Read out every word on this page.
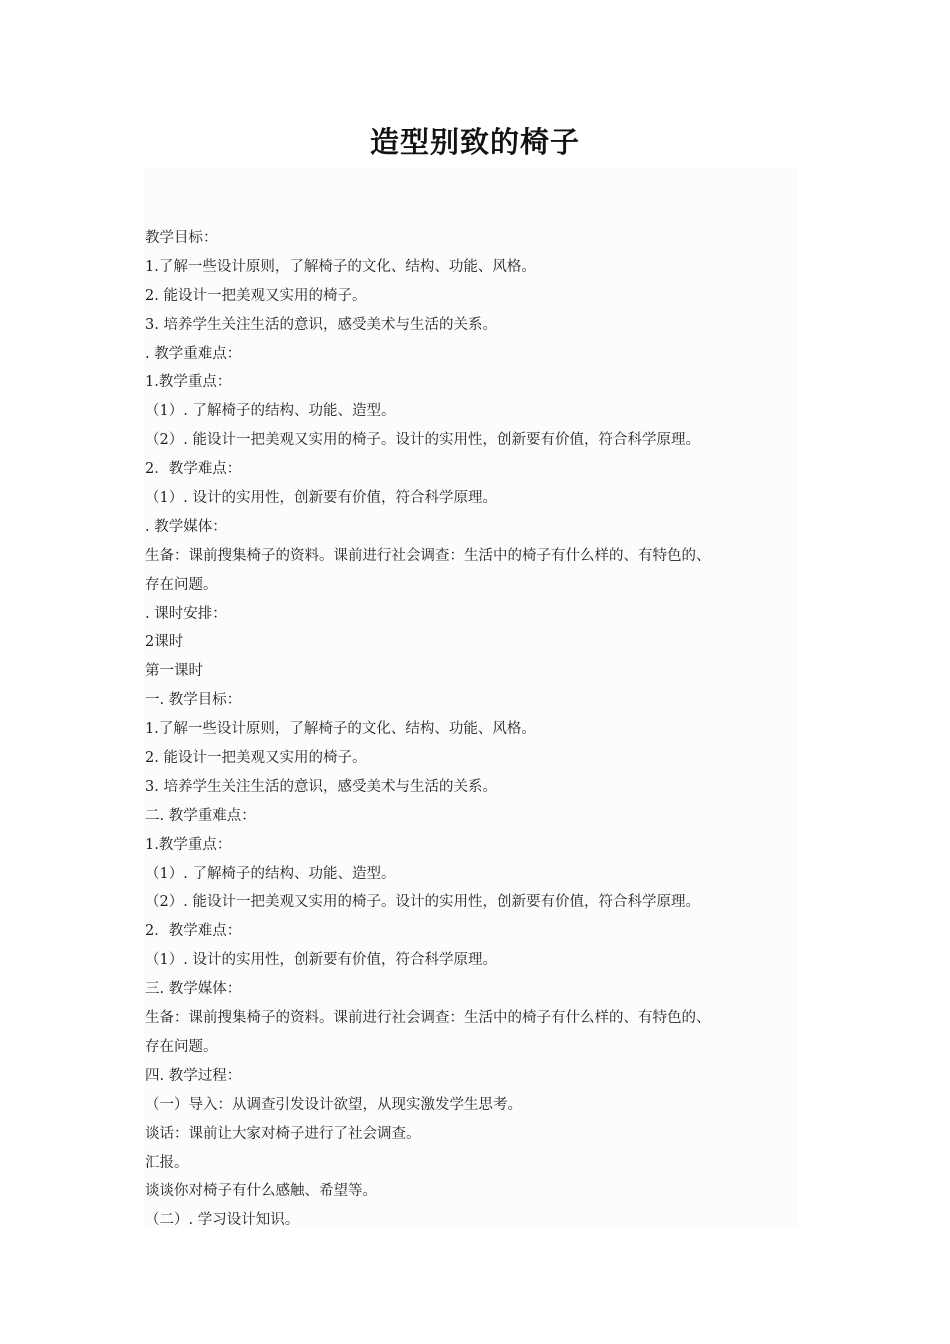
造型别致的椅子
教学目标：
1.了解一些设计原则，了解椅子的文化、结构、功能、风格。
2. 能设计一把美观又实用的椅子。
3. 培养学生关注生活的意识，感受美术与生活的关系。
. 教学重难点：
1.教学重点：
（1）. 了解椅子的结构、功能、造型。
（2）. 能设计一把美观又实用的椅子。设计的实用性，创新要有价值，符合科学原理。
2．教学难点：
（1）. 设计的实用性，创新要有价值，符合科学原理。
. 教学媒体：
生备：课前搜集椅子的资料。课前进行社会调查：生活中的椅子有什么样的、有特色的、
存在问题。
. 课时安排：
2课时
第一课时
一. 教学目标：
1.了解一些设计原则，了解椅子的文化、结构、功能、风格。
2. 能设计一把美观又实用的椅子。
3. 培养学生关注生活的意识，感受美术与生活的关系。
二. 教学重难点：
1.教学重点：
（1）. 了解椅子的结构、功能、造型。
（2）. 能设计一把美观又实用的椅子。设计的实用性，创新要有价值，符合科学原理。
2．教学难点：
（1）. 设计的实用性，创新要有价值，符合科学原理。
三. 教学媒体：
生备：课前搜集椅子的资料。课前进行社会调查：生活中的椅子有什么样的、有特色的、
存在问题。
四. 教学过程：
（一）导入：从调查引发设计欲望，从现实激发学生思考。
谈话：课前让大家对椅子进行了社会调查。
汇报。
谈谈你对椅子有什么感触、希望等。
（二）. 学习设计知识。
